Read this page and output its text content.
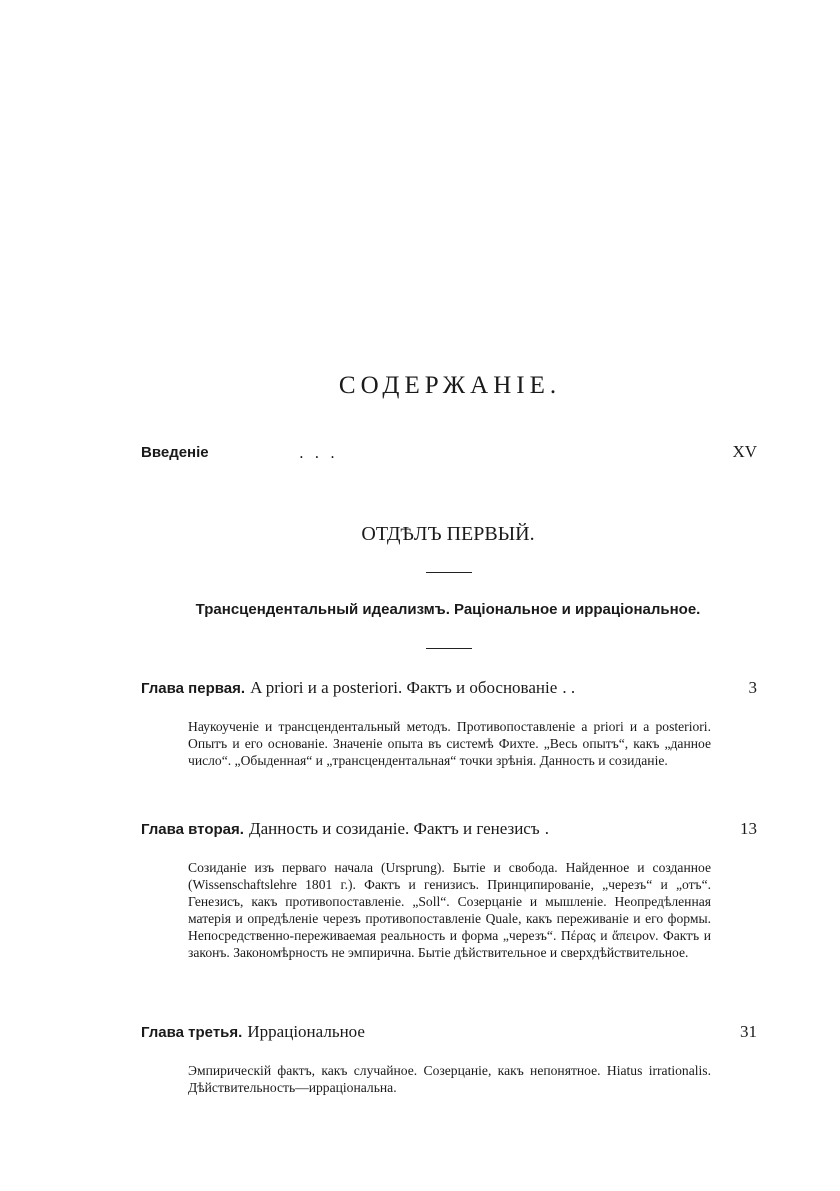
СОДЕРЖАНІЕ.
Введеніе	. . .	XV
ОТДѢЛЪ ПЕРВЫЙ.
Трансцендентальный идеализмъ. Раціональное и ирраціональное.
Глава первая. A priori и a posteriori. Фактъ и обоснованіе . .	3
Наукоученіе и трансцендентальный методъ. Противопоставленіе a priori и a posteriori. Опытъ и его основаніе. Значеніе опыта въ системѣ Фихте. „Весь опытъ“, какъ „данное число“. „Обыденная“ и „трансцендентальная“ точки зрѣнія. Данность и созиданіе.
Глава вторая. Данность и созиданіе. Фактъ и генезисъ .	13
Созиданіе изъ перваго начала (Ursprung). Бытіе и свобода. Найденное и созданное (Wissenschaftslehre 1801 г.). Фактъ и генизисъ. Принципированіе, „черезъ“ и „отъ“. Генезисъ, какъ противопоставленіе. „Soll“. Созерцаніе и мышленіе. Неопредѣленная матерія и опредѣленіе черезъ противопоставленіе Quale, какъ переживаніе и его формы. Непосредственно-переживаемая реальность и форма „черезъ“. Πέρας и ἄπειρον. Фактъ и законъ. Закономѣрность не эмпирична. Бытіе дѣйствительное и сверхдѣйствительное.
Глава третья. Ирраціональное	31
Эмпирическій фактъ, какъ случайное. Созерцаніе, какъ непонятное. Hiatus irrationalis. Дѣйствительность—ирраціональна.
